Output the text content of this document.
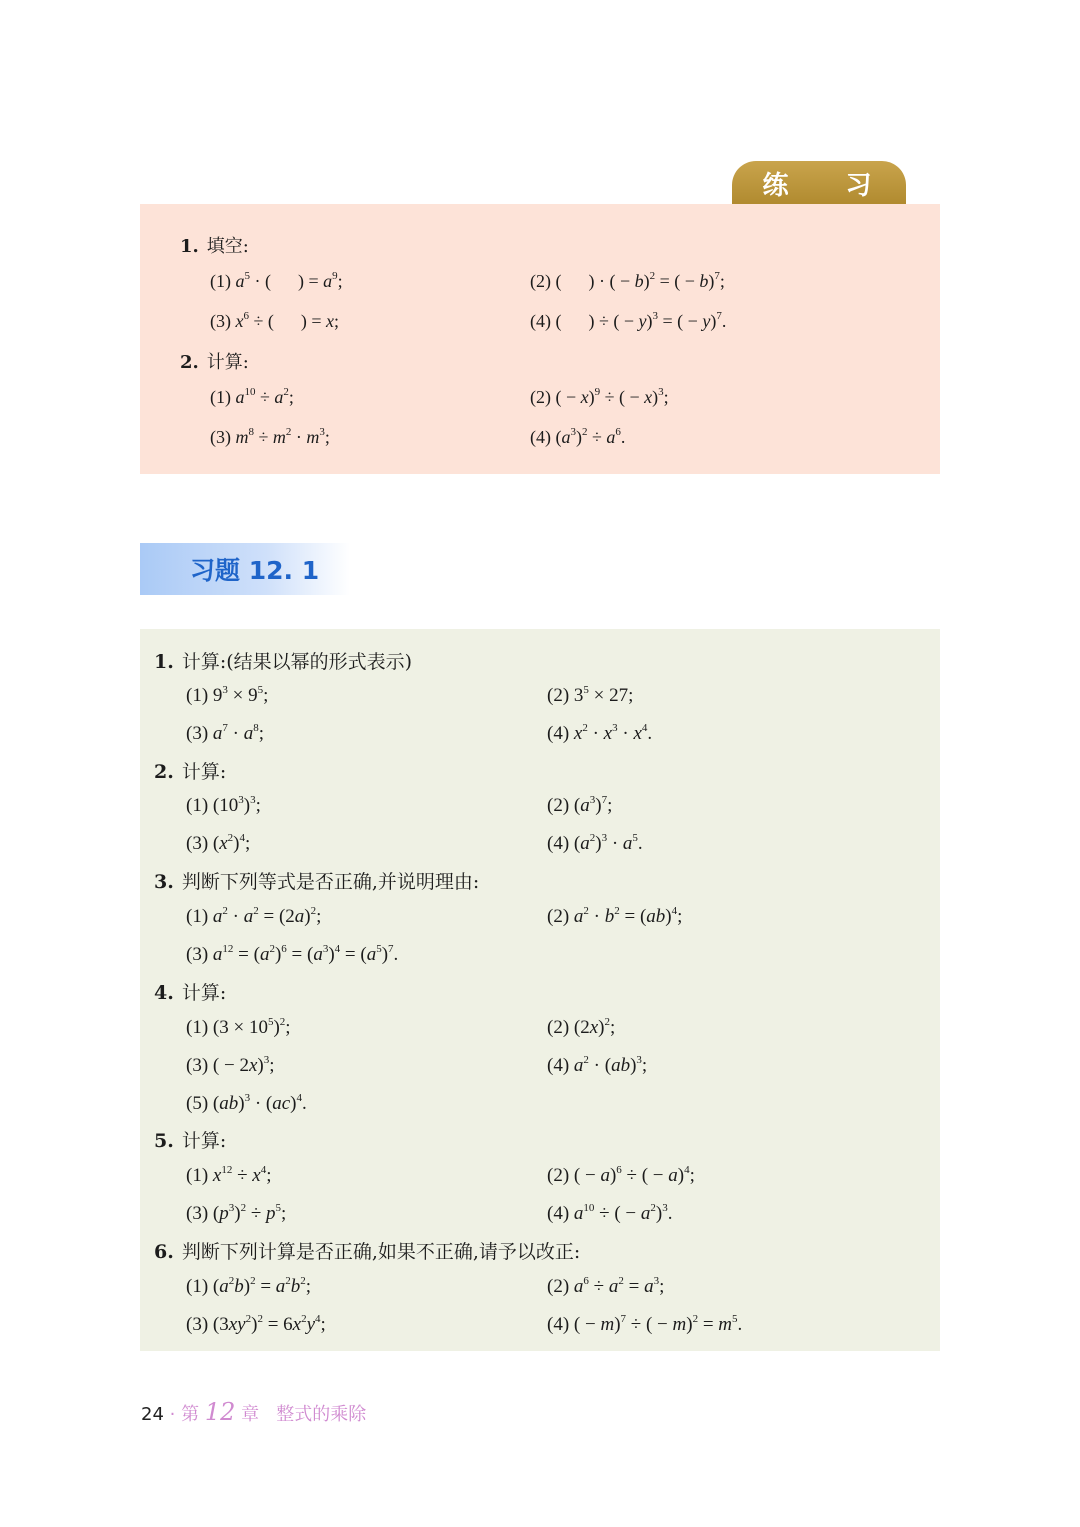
练 习
1. 填空:
(1) $a^5$ · (      ) = $a^9$;	(2) (      ) · ( − b)$^2$ = ( − b)$^7$;
(3) $x^6$ ÷ (      ) = x;	(4) (      ) ÷ ( − y)$^3$ = ( − y)$^7$.
2. 计算:
(1) $a^{10} \div a^2$;	(2) ( − x)$^9$ ÷ ( − x)$^3$;
(3) $m^8 \div m^2 \cdot m^3$;	(4) $(a^3)^2 \div a^6$.
习题 12. 1
1. 计算:(结果以幂的形式表示)
(1) $9^3 \times 9^5$;	(2) $3^5 \times 27$;
(3) $a^7 \cdot a^8$;	(4) $x^2 \cdot x^3 \cdot x^4$.
2. 计算:
(1) $(10^3)^3$;	(2) $(a^3)^7$;
(3) $(x^2)^4$;	(4) $(a^2)^3 \cdot a^5$.
3. 判断下列等式是否正确,并说明理由:
(1) $a^2 \cdot a^2 = (2a)^2$;	(2) $a^2 \cdot b^2 = (ab)^4$;
(3) $a^{12} = (a^2)^6 = (a^3)^4 = (a^5)^7$.
4. 计算:
(1) $(3 \times 10^5)^2$;	(2) $(2x)^2$;
(3) ( − 2x)$^3$;	(4) $a^2 \cdot (ab)^3$;
(5) (ab)$^3$ · (ac)$^4$.
5. 计算:
(1) $x^{12} \div x^4$;	(2) ( − a)$^6$ ÷ ( − a)$^4$;
(3) $(p^3)^2 \div p^5$;	(4) $a^{10}$ ÷ ( − $a^2)^3$.
6. 判断下列计算是否正确,如果不正确,请予以改正:
(1) $(a^2b)^2 = a^2b^2$;	(2) $a^6 \div a^2 = a^3$;
(3) $(3xy^2)^2 = 6x^2y^4$;	(4) ( − m)$^7$ ÷ ( − $m)^2 = m^5$.
24 · 第 12 章 整式的乘除
